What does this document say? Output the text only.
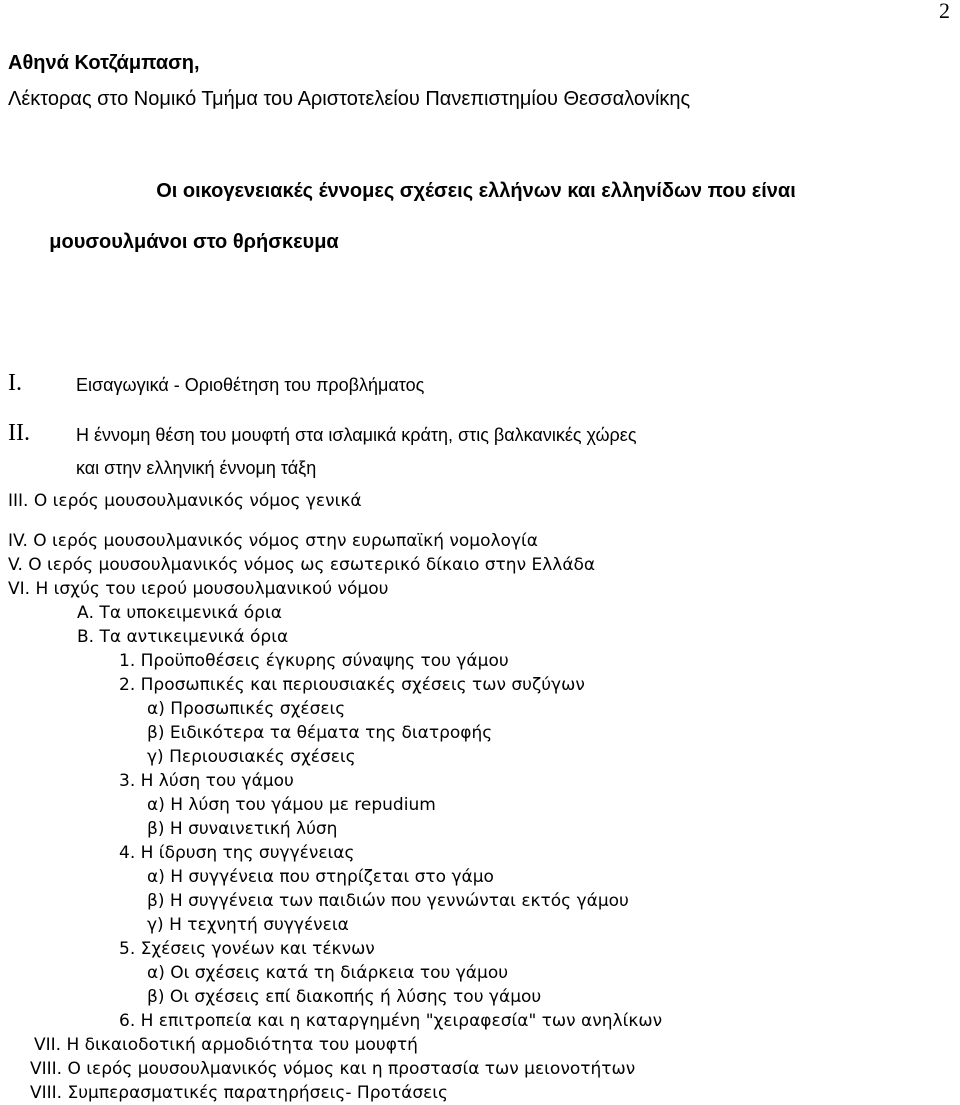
2
Αθηνά Κοτζάμπαση,
Λέκτορας στο Νομικό Τμήμα του Αριστοτελείου Πανεπιστημίου Θεσσαλονίκης
Οι οικογενειακές έννομες σχέσεις ελλήνων και ελληνίδων που είναι
μουσουλμάνοι στο θρήσκευμα
I.	Εισαγωγικά - Οριοθέτηση του προβλήματος
II.	Η έννομη θέση του μουφτή στα ισλαμικά κράτη, στις βαλκανικές χώρες
και στην ελληνική έννομη τάξη
III. Ο ιερός μουσουλμανικός νόμος γενικά
IV. Ο ιερός μουσουλμανικός νόμος στην ευρωπαϊκή νομολογία
V. Ο ιερός μουσουλμανικός νόμος ως εσωτερικό δίκαιο στην Ελλάδα
VI. Η ισχύς του ιερού μουσουλμανικού νόμου
Α. Τα υποκειμενικά όρια
Β. Τα αντικειμενικά όρια
1. Προϋποθέσεις έγκυρης σύναψης του γάμου
2. Προσωπικές και περιουσιακές σχέσεις των συζύγων
α) Προσωπικές σχέσεις
β) Ειδικότερα τα θέματα της διατροφής
γ) Περιουσιακές σχέσεις
3. Η λύση του γάμου
α) Η λύση του γάμου με repudium
β) Η συναινετική λύση
4. Η ίδρυση της συγγένειας
α) Η συγγένεια που στηρίζεται στο γάμο
β) Η συγγένεια των παιδιών που γεννώνται εκτός γάμου
γ) Η τεχνητή συγγένεια
5. Σχέσεις γονέων και τέκνων
α) Οι σχέσεις κατά τη διάρκεια του γάμου
β) Οι σχέσεις επί διακοπής ή λύσης του γάμου
6. Η επιτροπεία και η καταργημένη "χειραφεσία" των ανηλίκων
VII. Η δικαιοδοτική αρμοδιότητα του μουφτή
VIII. Ο ιερός μουσουλμανικός νόμος και η προστασία των μειονοτήτων
VIII. Συμπερασματικές παρατηρήσεις- Προτάσεις
